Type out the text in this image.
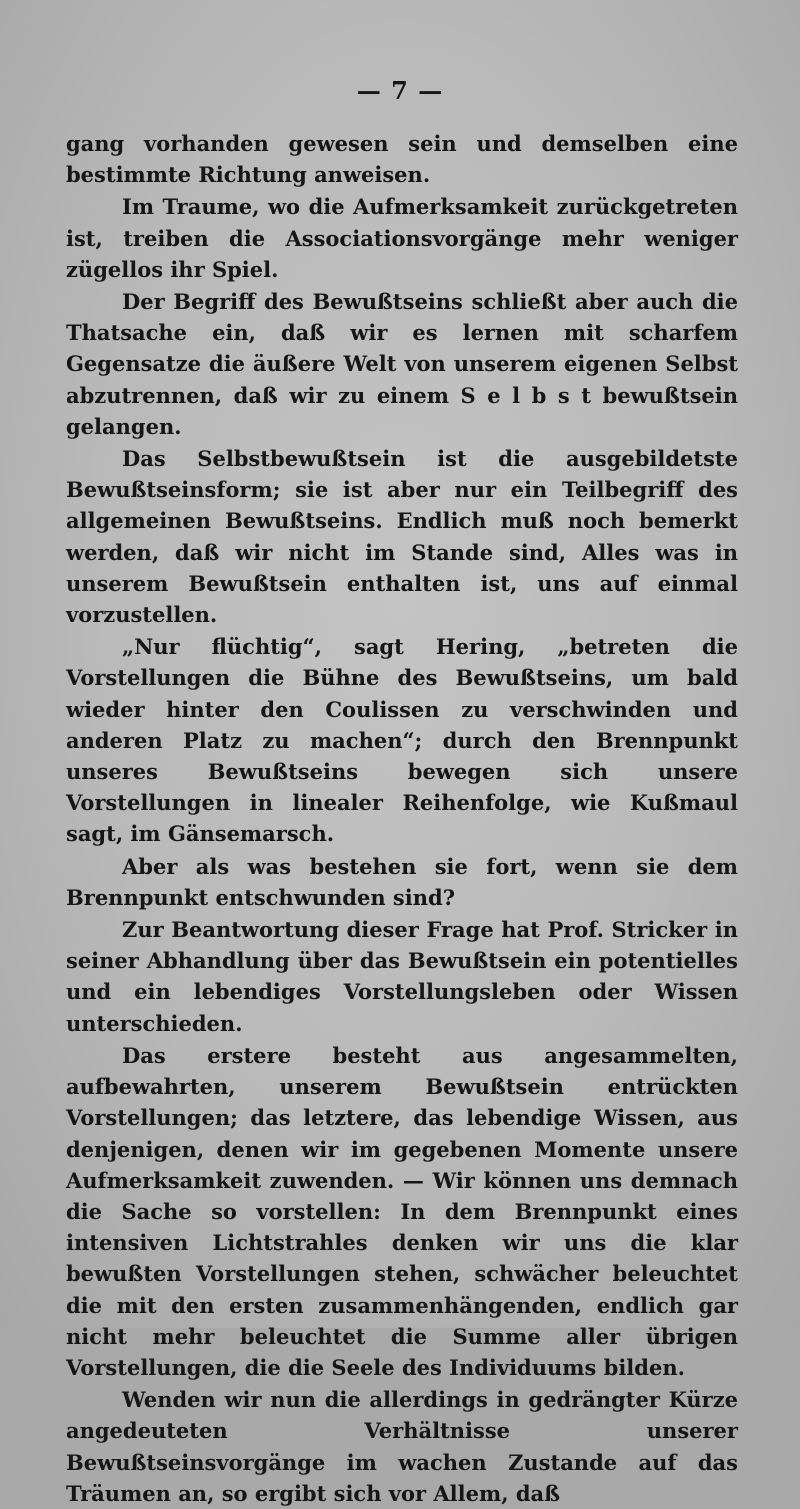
— 7 —

gang vorhanden gewesen sein und demselben eine bestimmte Richtung anweisen.

Im Traume, wo die Aufmerksamkeit zurückgetreten ist, treiben die Associationsvorgänge mehr weniger zügellos ihr Spiel.

Der Begriff des Bewußtseins schließt aber auch die Thatsache ein, daß wir es lernen mit scharfem Gegensatze die äußere Welt von unserem eigenen Selbst abzutrennen, daß wir zu einem S e l b s t bewußtsein gelangen.

Das Selbstbewußtsein ist die ausgebildetste Bewußtseinsform; sie ist aber nur ein Teilbegriff des allgemeinen Bewußtseins. Endlich muß noch bemerkt werden, daß wir nicht im Stande sind, Alles was in unserem Bewußtsein enthalten ist, uns auf einmal vorzustellen.

„Nur flüchtig“, sagt Hering, „betreten die Vorstellungen die Bühne des Bewußtseins, um bald wieder hinter den Coulissen zu verschwinden und anderen Platz zu machen“; durch den Brennpunkt unseres Bewußtseins bewegen sich unsere Vorstellungen in linealer Reihenfolge, wie Kußmaul sagt, im Gänsemarsch.

Aber als was bestehen sie fort, wenn sie dem Brennpunkt entschwunden sind?

Zur Beantwortung dieser Frage hat Prof. Stricker in seiner Abhandlung über das Bewußtsein ein potentielles und ein lebendiges Vorstellungsleben oder Wissen unterschieden.

Das erstere besteht aus angesammelten, aufbewahrten, unserem Bewußtsein entrückten Vorstellungen; das letztere, das lebendige Wissen, aus denjenigen, denen wir im gegebenen Momente unsere Aufmerksamkeit zuwenden. — Wir können uns demnach die Sache so vorstellen: In dem Brennpunkt eines intensiven Lichtstrahles denken wir uns die klar bewußten Vorstellungen stehen, schwächer beleuchtet die mit den ersten zusammenhängenden, endlich gar nicht mehr beleuchtet die Summe aller übrigen Vorstellungen, die die Seele des Individuums bilden.

Wenden wir nun die allerdings in gedrängter Kürze angedeuteten Verhältnisse unserer Bewußtseinsvorgänge im wachen Zustande auf das Träumen an, so ergibt sich vor Allem, daß
